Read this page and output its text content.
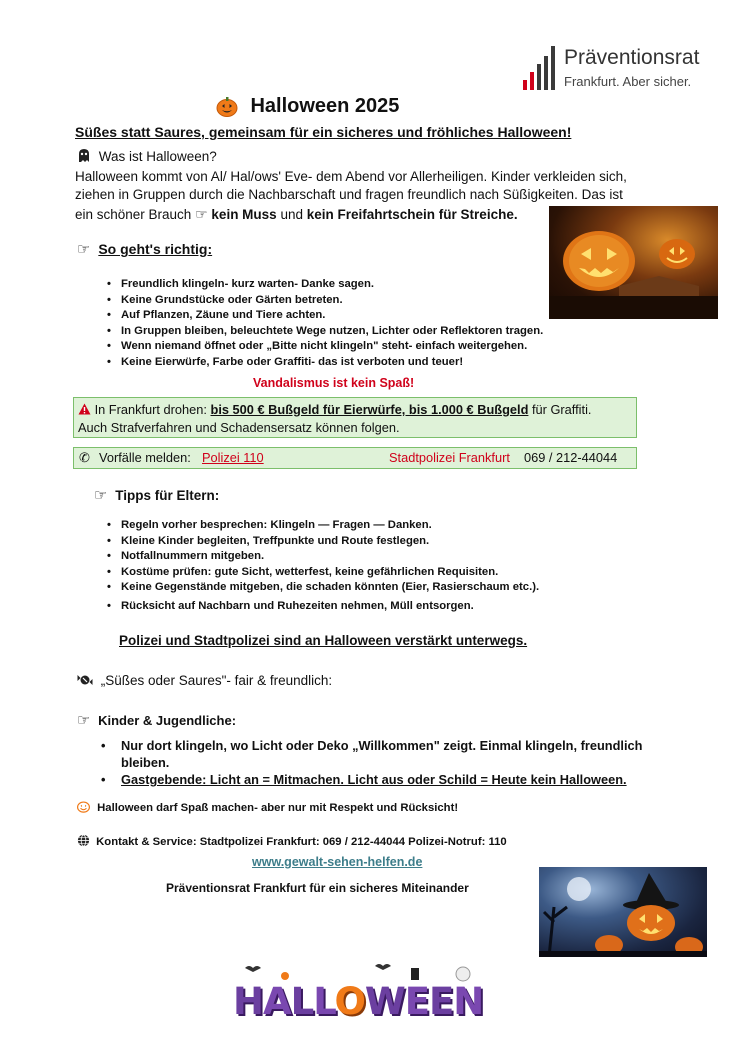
Präventionsrat
Frankfurt. Aber sicher.
Halloween 2025
Süßes statt Saures, gemeinsam für ein sicheres und fröhliches Halloween!
Was ist Halloween?
Halloween kommt von Al/ Hal/ows' Eve- dem Abend vor Allerheiligen. Kinder verkleiden sich,
ziehen in Gruppen durch die Nachbarschaft und fragen freundlich nach Süßigkeiten. Das ist
ein schöner Brauch ☞ kein Muss und kein Freifahrtschein für Streiche.
☞ So geht's richtig:
• Freundlich klingeln- kurz warten- Danke sagen.
• Keine Grundstücke oder Gärten betreten.
• Auf Pflanzen, Zäune und Tiere achten.
• In Gruppen bleiben, beleuchtete Wege nutzen, Lichter oder Reflektoren tragen.
• Wenn niemand öffnet oder „Bitte nicht klingeln" steht- einfach weitergehen.
• Keine Eierwürfe, Farbe oder Graffiti- das ist verboten und teuer!
Vandalismus ist kein Spaß!
In Frankfurt drohen: bis 500 € Bußgeld für Eierwürfe, bis 1.000 € Bußgeld für Graffiti.
Auch Strafverfahren und Schadensersatz können folgen.
✆ Vorfälle melden: Polizei 110	Stadtpolizei Frankfurt 069 / 212-44044
☞ Tipps für Eltern:
• Regeln vorher besprechen: Klingeln — Fragen — Danken.
• Kleine Kinder begleiten, Treffpunkte und Route festlegen.
• Notfallnummern mitgeben.
• Kostüme prüfen: gute Sicht, wetterfest, keine gefährlichen Requisiten.
• Keine Gegenstände mitgeben, die schaden könnten (Eier, Rasierschaum etc.).
• Rücksicht auf Nachbarn und Ruhezeiten nehmen, Müll entsorgen.
Polizei und Stadtpolizei sind an Halloween verstärkt unterwegs.
„Süßes oder Saures"- fair & freundlich:
☞ Kinder & Jugendliche:
• Nur dort klingeln, wo Licht oder Deko „Willkommen" zeigt. Einmal klingeln, freundlich
bleiben.
• Gastgebende: Licht an = Mitmachen. Licht aus oder Schild = Heute kein Halloween.
Halloween darf Spaß machen- aber nur mit Respekt und Rücksicht!
Kontakt & Service: Stadtpolizei Frankfurt: 069 / 212-44044 Polizei-Notruf: 110
www.gewalt-sehen-helfen.de
Präventionsrat Frankfurt für ein sicheres Miteinander
HALLOWEEN
